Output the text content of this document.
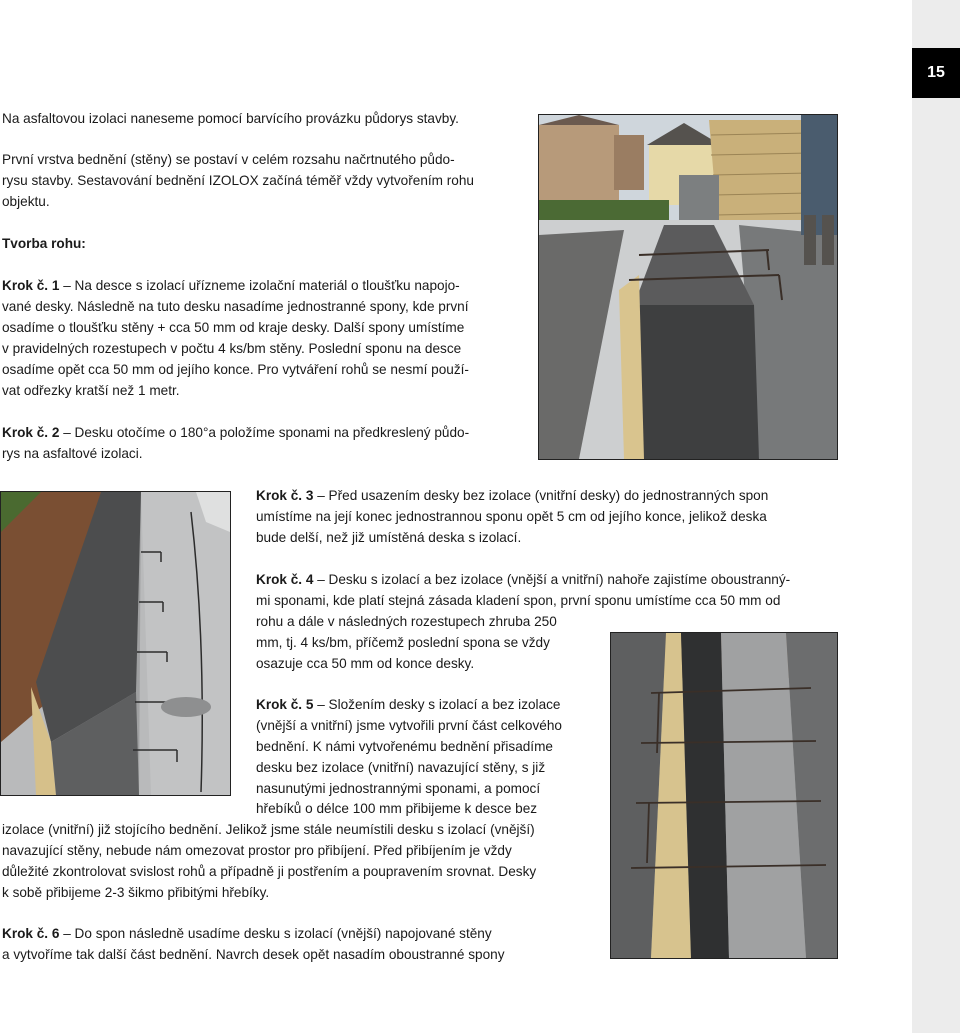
15

Na asfaltovou izolaci naneseme pomocí barvícího provázku půdorys stavby.

První vrstva bednění (stěny) se postaví v celém rozsahu načrtnutého půdo-

rysu stavby. Sestavování bednění IZOLOX začíná téměř vždy vytvořením rohu

objektu.

Tvorba rohu:

Krok č. 1 – Na desce s izolací uřízneme izolační materiál o tloušťku napojo-

vané desky. Následně na tuto desku nasadíme jednostranné spony, kde první

osadíme o tloušťku stěny + cca 50 mm od kraje desky. Další spony umístíme

v pravidelných rozestupech v počtu 4 ks/bm stěny. Poslední sponu na desce

osadíme opět cca 50 mm od jejího konce. Pro vytváření rohů se nesmí použí-

vat odřezky kratší než 1 metr.

Krok č. 2 – Desku otočíme o 180°a položíme sponami na předkreslený půdo-

rys na asfaltové izolaci.

Krok č. 3 – Před usazením desky bez izolace (vnitřní desky) do jednostranných spon

umístíme na její konec jednostrannou sponu opět 5 cm od jejího konce, jelikož deska

bude delší, než již umístěná deska s izolací.

Krok č. 4 – Desku s izolací a bez izolace (vnější a vnitřní) nahoře zajistíme oboustranný-

mi sponami, kde platí stejná zásada kladení spon, první sponu umístíme cca 50 mm od

rohu a dále v následných rozestupech zhruba 250

mm, tj. 4 ks/bm, příčemž poslední spona se vždy

osazuje cca 50 mm od konce desky.

Krok č. 5 – Složením desky s izolací a bez izolace

(vnější a vnitřní) jsme vytvořili první část celkového

bednění. K námi vytvořenému bednění přisadíme

desku bez izolace (vnitřní) navazující stěny, s již

nasunutými jednostrannými sponami, a pomocí

hřebíků o délce 100 mm přibijeme k desce bez

izolace (vnitřní) již stojícího bednění. Jelikož jsme stále neumístili desku s izolací (vnější)

navazující stěny, nebude nám omezovat prostor pro přibíjení. Před přibíjením je vždy

důležité zkontrolovat svislost rohů a případně ji postřením a poupravením srovnat. Desky

k sobě přibijeme 2-3 šikmo přibitými hřebíky.

Krok č. 6 – Do spon následně usadíme desku s izolací (vnější) napojované stěny

a vytvoříme tak další část bednění. Navrch desek opět nasadím oboustranné spony
